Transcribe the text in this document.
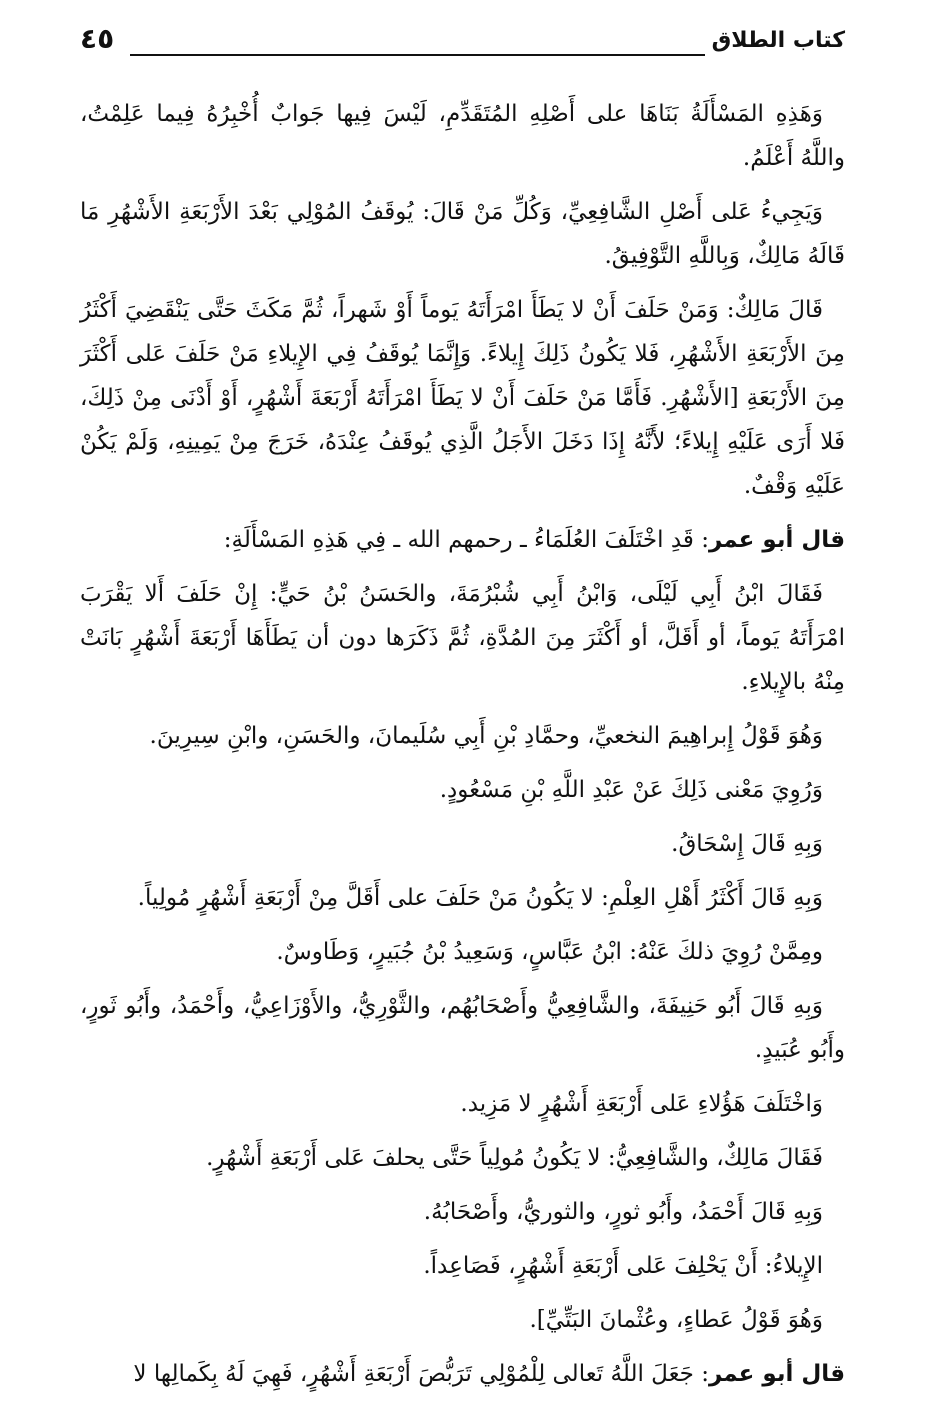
كتاب الطلاق
٤٥

وَهَذِهِ المَسْأَلَةُ بَنَاهَا على أَصْلِهِ المُتَقَدِّمِ، لَيْسَ فِيها جَوابٌ أُخْبِرُهُ فِيما عَلِمْتُ، واللَّهُ أَعْلَمُ.

وَيَجِيءُ عَلى أَصْلِ الشَّافِعِيِّ، وَكُلِّ مَنْ قَالَ: يُوقَفُ المُوْلِي بَعْدَ الأَرْبَعَةِ الأَشْهُرِ مَا قَالَهُ مَالِكٌ، وَبِاللَّهِ التَّوْفِيقُ.

قَالَ مَالِكٌ: وَمَنْ حَلَفَ أَنْ لا يَطَأَ امْرَأَتَهُ يَوماً أَوْ شَهراً، ثُمَّ مَكَثَ حَتَّى يَنْقَضِيَ أَكْثَرُ مِنَ الأَرْبَعَةِ الأَشْهُرِ، فَلا يَكُونُ ذَلِكَ إِيلاءً. وَإِنَّمَا يُوقَفُ فِي الإِيلاءِ مَنْ حَلَفَ عَلى أَكْثَرَ مِنَ الأَرْبَعَةِ [الأَشْهُرِ. فَأَمَّا مَنْ حَلَفَ أَنْ لا يَطَأَ امْرَأَتَهُ أَرْبَعَةَ أَشْهُرٍ، أَوْ أَدْنَى مِنْ ذَلِكَ، فَلا أَرَى عَلَيْهِ إِيلاءً؛ لأَنَّهُ إِذَا دَخَلَ الأَجَلُ الَّذِي يُوقَفُ عِنْدَهُ، خَرَجَ مِنْ يَمِينِهِ، وَلَمْ يَكُنْ عَلَيْهِ وَقْفٌ.

قال أبو عمر: قَدِ اخْتَلَفَ العُلَمَاءُ ـ رحمهم الله ـ فِي هَذِهِ المَسْأَلَةِ:

فَقَالَ ابْنُ أَبِي لَيْلَى، وَابْنُ أَبِي شُبْرُمَةَ، والحَسَنُ بْنُ حَيٍّ: إِنْ حَلَفَ أَلا يَقْرَبَ امْرَأَتَهُ يَوماً، أو أَقَلَّ، أو أَكْثَرَ مِنَ المُدَّةِ، ثُمَّ ذَكَرَها دون أن يَطَأَهَا أَرْبَعَةَ أَشْهُرٍ بَانَتْ مِنْهُ بالإِيلاءِ.

وَهُوَ قَوْلُ إِبراهِيمَ النخعيِّ، وحمَّادِ بْنِ أَبِي سُلَيمانَ، والحَسَنِ، وابْنِ سِيرِينَ.

وَرُوِيَ مَعْنى ذَلِكَ عَنْ عَبْدِ اللَّهِ بْنِ مَسْعُودٍ.

وَبِهِ قَالَ إِسْحَاقُ.

وَبِهِ قَالَ أَكْثَرُ أَهْلِ العِلْمِ: لا يَكُونُ مَنْ حَلَفَ على أَقَلَّ مِنْ أَرْبَعَةِ أَشْهُرٍ مُولِياً.

ومِمَّنْ رُوِيَ ذلكَ عَنْهُ: ابْنُ عَبَّاسٍ، وَسَعِيدُ بْنُ جُبَيرٍ، وَطَاوسٌ.

وَبِهِ قَالَ أَبُو حَنِيفَةَ، والشَّافِعِيُّ وأَصْحَابُهُم، والثَّوْرِيُّ، والأَوْزَاعِيُّ، وأَحْمَدُ، وأَبُو ثَورٍ، وأَبُو عُبَيدٍ.

وَاخْتَلَفَ هَؤُلاءِ عَلى أَرْبَعَةِ أَشْهُرٍ لا مَزِيد.

فَقَالَ مَالِكٌ، والشَّافِعِيُّ: لا يَكُونُ مُولِياً حَتَّى يحلفَ عَلى أَرْبَعَةِ أَشْهُرٍ.

وَبِهِ قَالَ أَحْمَدُ، وأَبُو ثورٍ، والثوريُّ، وأَصْحَابُهُ.

الإِيلاءُ: أَنْ يَحْلِفَ عَلى أَرْبَعَةِ أَشْهُرٍ، فَصَاعِداً.

وَهُوَ قَوْلُ عَطاءٍ، وعُثْمانَ البَتِّيِّ].

قال أبو عمر: جَعَلَ اللَّهُ تَعالى لِلْمُوْلِي تَرَبُّصَ أَرْبَعَةِ أَشْهُرٍ، فَهِيَ لَهُ بِكَمالِها لا
